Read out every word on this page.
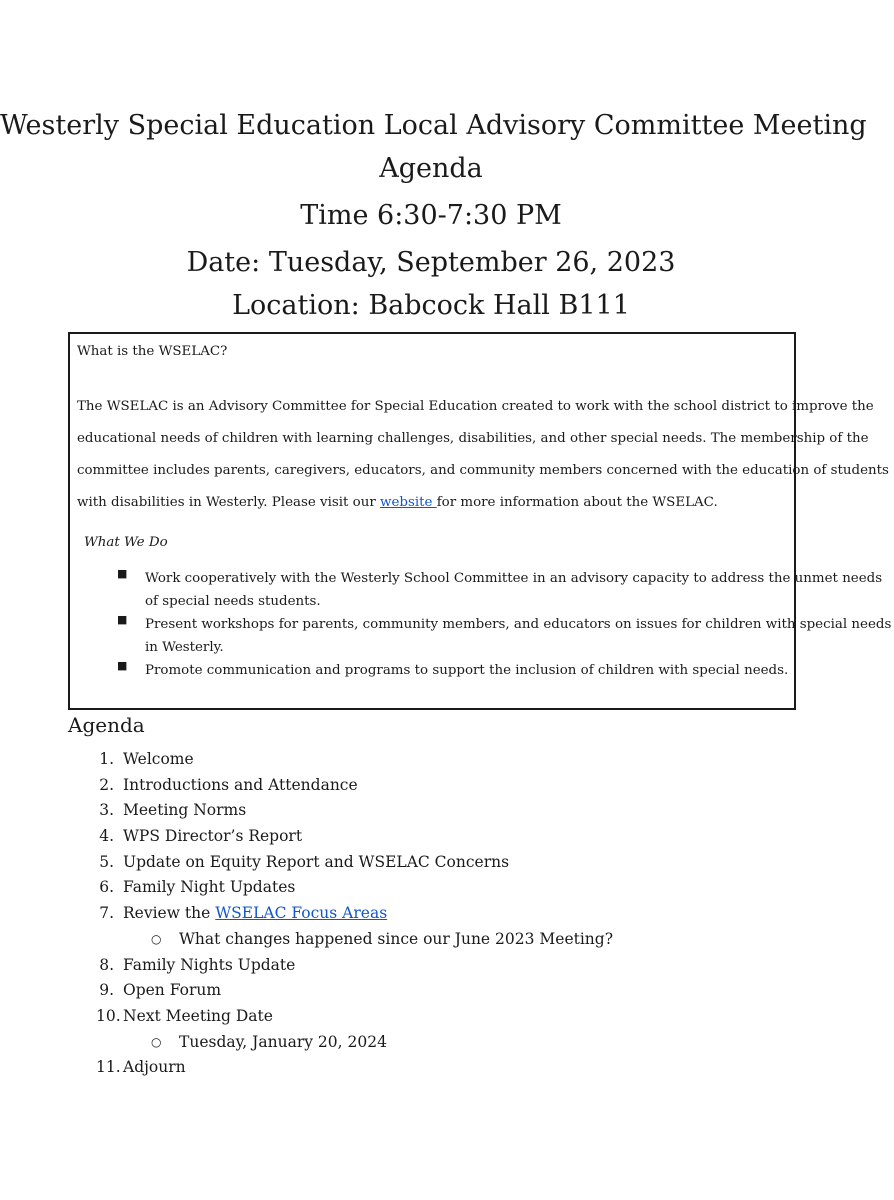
Westerly Special Education Local Advisory Committee Meeting
Agenda
Time 6:30-7:30 PM
Date: Tuesday, September 26, 2023
Location: Babcock Hall B111
What is the WSELAC?
The WSELAC is an Advisory Committee for Special Education created to work with the school district to improve the
educational needs of children with learning challenges, disabilities, and other special needs. The membership of the
committee includes parents, caregivers, educators, and community members concerned with the education of students
with disabilities in Westerly. Please visit our website for more information about the WSELAC.
What We Do
■ Work cooperatively with the Westerly School Committee in an advisory capacity to address the unmet needs
of special needs students.
■ Present workshops for parents, community members, and educators on issues for children with special needs
in Westerly.
■ Promote communication and programs to support the inclusion of children with special needs.
Agenda
1. Welcome
2. Introductions and Attendance
3. Meeting Norms
4. WPS Director’s Report
5. Update on Equity Report and WSELAC Concerns
6. Family Night Updates
7. Review the WSELAC Focus Areas
○ What changes happened since our June 2023 Meeting?
8. Family Nights Update
9. Open Forum
10. Next Meeting Date
○ Tuesday, January 20, 2024
11. Adjourn
